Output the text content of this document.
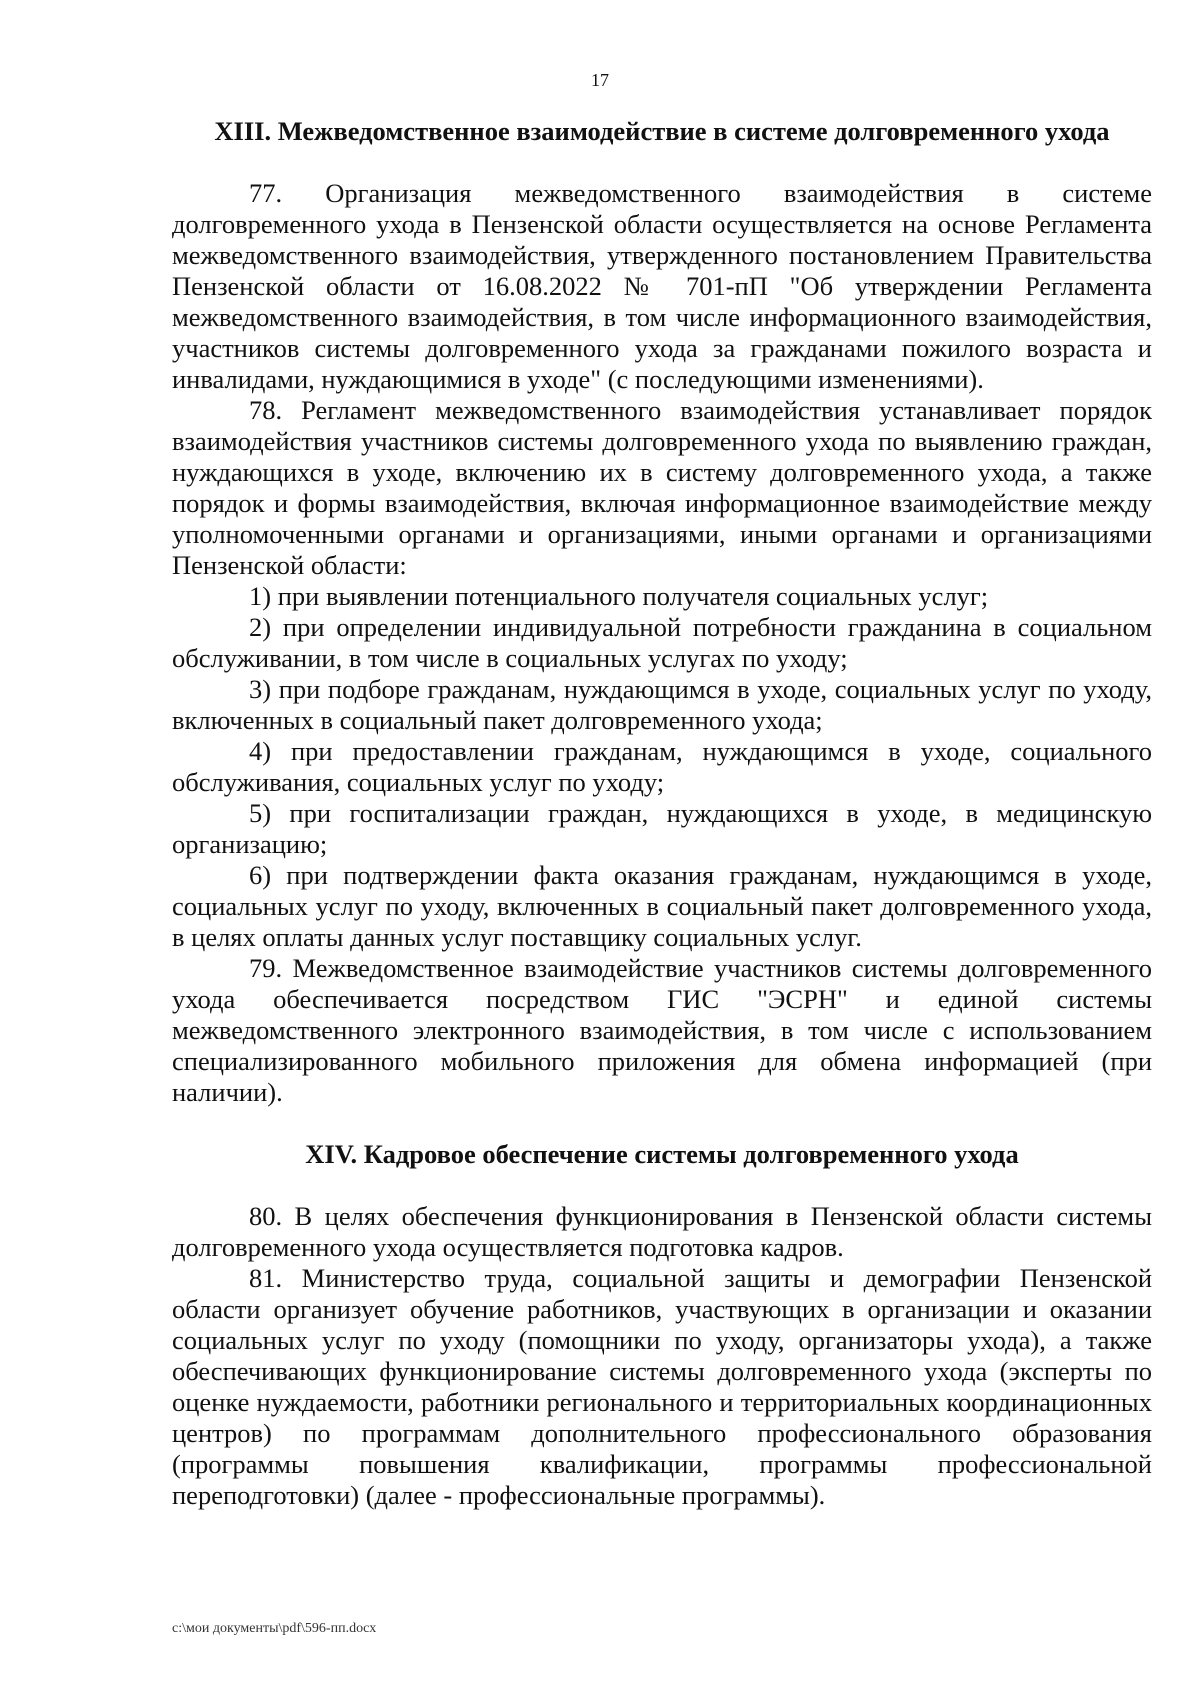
17
XIII. Межведомственное взаимодействие в системе долговременного ухода

77. Организация межведомственного взаимодействия в системе долговременного ухода в Пензенской области осуществляется на основе Регламента межведомственного взаимодействия, утвержденного постановлением Правительства Пензенской области от 16.08.2022 № 701-пП "Об утверждении Регламента межведомственного взаимодействия, в том числе информационного взаимодействия, участников системы долговременного ухода за гражданами пожилого возраста и инвалидами, нуждающимися в уходе" (с последующими изменениями).

78. Регламент межведомственного взаимодействия устанавливает порядок взаимодействия участников системы долговременного ухода по выявлению граждан, нуждающихся в уходе, включению их в систему долговременного ухода, а также порядок и формы взаимодействия, включая информационное взаимодействие между уполномоченными органами и организациями, иными органами и организациями Пензенской области:

1) при выявлении потенциального получателя социальных услуг;

2) при определении индивидуальной потребности гражданина в социальном обслуживании, в том числе в социальных услугах по уходу;

3) при подборе гражданам, нуждающимся в уходе, социальных услуг по уходу, включенных в социальный пакет долговременного ухода;

4) при предоставлении гражданам, нуждающимся в уходе, социального обслуживания, социальных услуг по уходу;

5) при госпитализации граждан, нуждающихся в уходе, в медицинскую организацию;

6) при подтверждении факта оказания гражданам, нуждающимся в уходе, социальных услуг по уходу, включенных в социальный пакет долговременного ухода, в целях оплаты данных услуг поставщику социальных услуг.

79. Межведомственное взаимодействие участников системы долговременного ухода обеспечивается посредством ГИС "ЭСРН" и единой системы межведомственного электронного взаимодействия, в том числе с использованием специализированного мобильного приложения для обмена информацией (при наличии).

XIV. Кадровое обеспечение системы долговременного ухода

80. В целях обеспечения функционирования в Пензенской области системы долговременного ухода осуществляется подготовка кадров.

81. Министерство труда, социальной защиты и демографии Пензенской области организует обучение работников, участвующих в организации и оказании социальных услуг по уходу (помощники по уходу, организаторы ухода), а также обеспечивающих функционирование системы долговременного ухода (эксперты по оценке нуждаемости, работники регионального и территориальных координационных центров) по программам дополнительного профессионального образования (программы повышения квалификации, программы профессиональной переподготовки) (далее - профессиональные программы).

c:\мои документы\pdf\596-пп.docx
